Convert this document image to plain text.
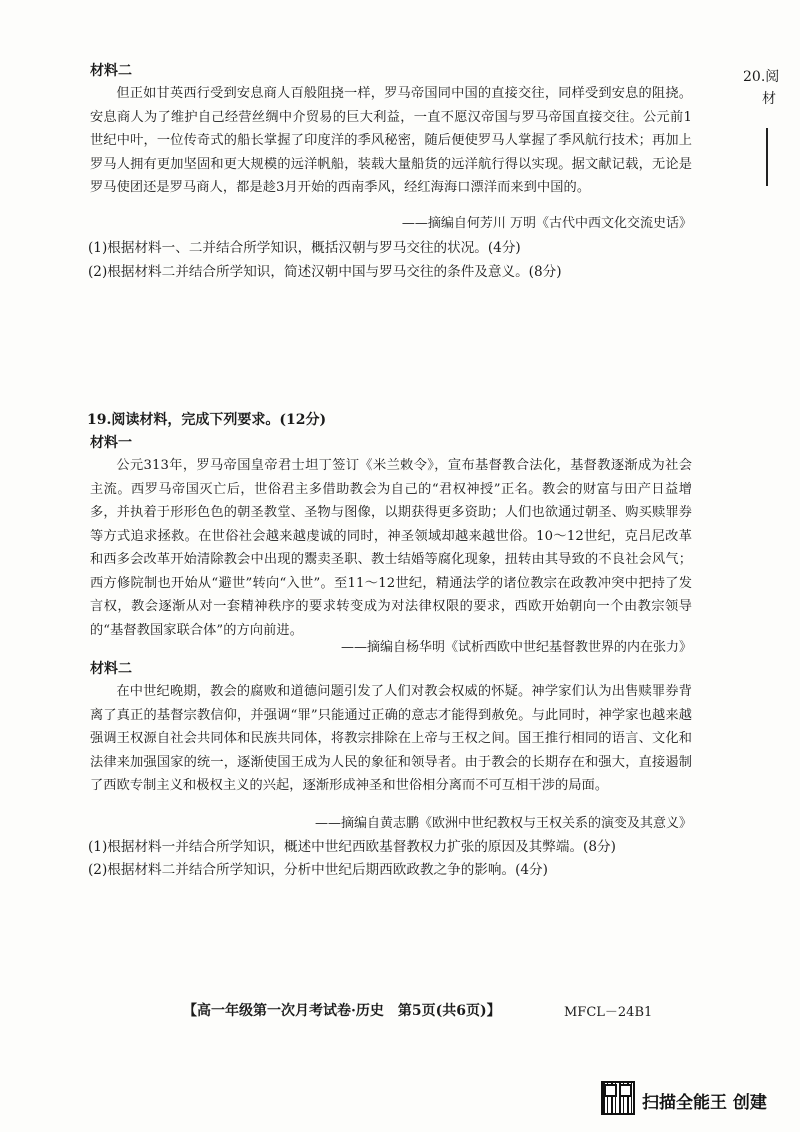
20.阅
材
材料二
但正如甘英西行受到安息商人百般阻挠一样，罗马帝国同中国的直接交往，同样受到安息的阻挠。安息商人为了维护自己经营丝绸中介贸易的巨大利益，一直不愿汉帝国与罗马帝国直接交往。公元前1世纪中叶，一位传奇式的船长掌握了印度洋的季风秘密，随后便使罗马人掌握了季风航行技术；再加上罗马人拥有更加坚固和更大规模的远洋帆船，装载大量船货的远洋航行得以实现。据文献记载，无论是罗马使团还是罗马商人，都是趁3月开始的西南季风，经红海海口漂洋而来到中国的。
——摘编自何芳川 万明《古代中西文化交流史话》
(1)根据材料一、二并结合所学知识，概括汉朝与罗马交往的状况。(4分)
(2)根据材料二并结合所学知识，简述汉朝中国与罗马交往的条件及意义。(8分)
19.阅读材料，完成下列要求。(12分)
材料一
公元313年，罗马帝国皇帝君士坦丁签订《米兰敕令》，宣布基督教合法化，基督教逐渐成为社会主流。西罗马帝国灭亡后，世俗君主多借助教会为自己的“君权神授”正名。教会的财富与田产日益增多，并执着于形形色色的朝圣教堂、圣物与图像，以期获得更多资助；人们也欲通过朝圣、购买赎罪券等方式追求拯救。在世俗社会越来越虔诚的同时，神圣领域却越来越世俗。10～12世纪，克吕尼改革和西多会改革开始清除教会中出现的鬻卖圣职、教士结婚等腐化现象，扭转由其导致的不良社会风气；西方修院制也开始从“避世”转向“入世”。至11～12世纪，精通法学的诸位教宗在政教冲突中把持了发言权，教会逐渐从对一套精神秩序的要求转变成为对法律权限的要求，西欧开始朝向一个由教宗领导的“基督教国家联合体”的方向前进。
——摘编自杨华明《试析西欧中世纪基督教世界的内在张力》
材料二
在中世纪晚期，教会的腐败和道德问题引发了人们对教会权威的怀疑。神学家们认为出售赎罪券背离了真正的基督宗教信仰，并强调“罪”只能通过正确的意志才能得到赦免。与此同时，神学家也越来越强调王权源自社会共同体和民族共同体，将教宗排除在上帝与王权之间。国王推行相同的语言、文化和法律来加强国家的统一，逐渐使国王成为人民的象征和领导者。由于教会的长期存在和强大，直接遏制了西欧专制主义和极权主义的兴起，逐渐形成神圣和世俗相分离而不可互相干涉的局面。
——摘编自黄志鹏《欧洲中世纪教权与王权关系的演变及其意义》
(1)根据材料一并结合所学知识，概述中世纪西欧基督教权力扩张的原因及其弊端。(8分)
(2)根据材料二并结合所学知识，分析中世纪后期西欧政教之争的影响。(4分)
【高一年级第一次月考试卷·历史　第5页(共6页)】	MFCL－24B1
扫描全能王 创建
